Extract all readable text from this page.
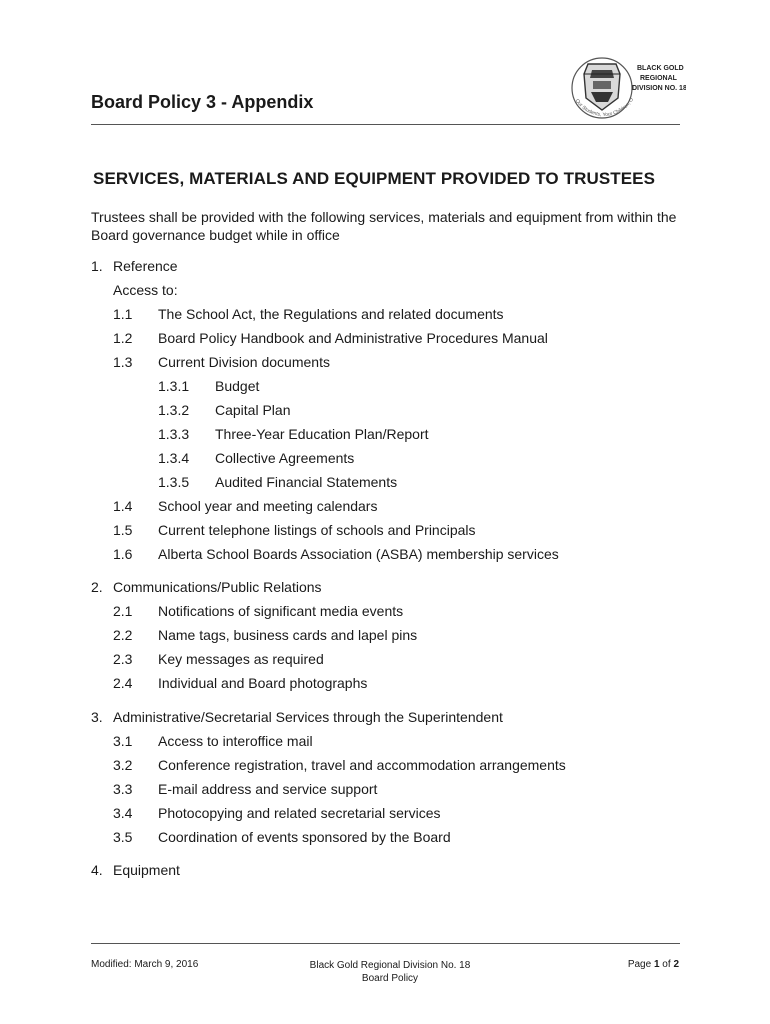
Board Policy 3 - Appendix	Our Students, Your Children, O
BLACK GOLD
REGIONAL
DIVISION NO. 18
SERVICES, MATERIALS AND EQUIPMENT PROVIDED TO TRUSTEES
Trustees shall be provided with the following services, materials and equipment from within the Board governance budget while in office
1. Reference
Access to:
1.1 The School Act, the Regulations and related documents
1.2 Board Policy Handbook and Administrative Procedures Manual
1.3 Current Division documents
1.3.1 Budget
1.3.2 Capital Plan
1.3.3 Three-Year Education Plan/Report
1.3.4 Collective Agreements
1.3.5 Audited Financial Statements
1.4 School year and meeting calendars
1.5 Current telephone listings of schools and Principals
1.6 Alberta School Boards Association (ASBA) membership services
2. Communications/Public Relations
2.1 Notifications of significant media events
2.2 Name tags, business cards and lapel pins
2.3 Key messages as required
2.4 Individual and Board photographs
3. Administrative/Secretarial Services through the Superintendent
3.1 Access to interoffice mail
3.2 Conference registration, travel and accommodation arrangements
3.3 E-mail address and service support
3.4 Photocopying and related secretarial services
3.5 Coordination of events sponsored by the Board
4. Equipment
Modified: March 9, 2016	Black Gold Regional Division No. 18
Board Policy
Page 1 of 2
